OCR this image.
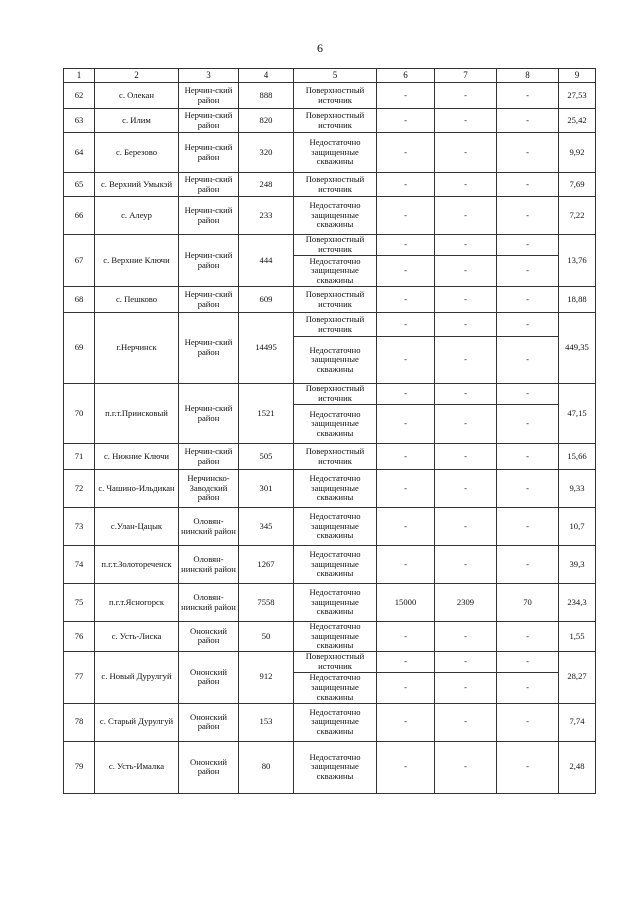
6
1	2	3	4	5	6	7	8	9
62	с. Олекан	Нерчин-ский район	888	Поверхностный источник	-	-	-	27,53
63	с. Илим	Нерчин-ский район	820	Поверхностный источник	-	-	-	25,42
64	с. Березово	Нерчин-ский район	320	Недостаточно защищенные скважины	-	-	-	9,92
65	с. Верхний Умыкэй	Нерчин-ский район	248	Поверхностный источник	-	-	-	7,69
66	с. Алеур	Нерчин-ский район	233	Недостаточно защищенные скважины	-	-	-	7,22
67	с. Верхние Ключи	Нерчин-ский район	444	Поверхностный источник	-	-	-	13,76
				Недостаточно защищенные скважины	-	-	-	
68	с. Пешково	Нерчин-ский район	609	Поверхностный источник	-	-	-	18,88
69	г.Нерчинск	Нерчин-ский район	14495	Поверхностный источник	-	-	-	449,35
				Недостаточно защищенные скважины	-	-	-	
70	п.г.т.Приисковый	Нерчин-ский район	1521	Поверхностный источник	-	-	-	47,15
				Недостаточно защищенные скважины	-	-	-	
71	с. Нижние Ключи	Нерчин-ский район	505	Поверхностный источник	-	-	-	15,66
72	с. Чашино-Ильдикан	Нерчинско-Заводский район	301	Недостаточно защищенные скважины	-	-	-	9,33
73	с.Улан-Цацык	Оловян-нинский район	345	Недостаточно защищенные скважины	-	-	-	10,7
74	п.г.т.Золотореченск	Оловян-нинский район	1267	Недостаточно защищенные скважины	-	-	-	39,3
75	п.г.т.Ясногорск	Оловян-нинский район	7558	Недостаточно защищенные скважины	15000	2309	70	234,3
76	с. Усть-Лиска	Ононский район	50	Недостаточно защищенные скважины	-	-	-	1,55
77	с. Новый Дурулгуй	Ононский район	912	Поверхностный источник	-	-	-	28,27
				Недостаточно защищенные скважины	-	-	-	
78	с. Старый Дурулгуй	Ононский район	153	Недостаточно защищенные скважины	-	-	-	7,74
79	с. Усть-Ималка	Ононский район	80	Недостаточно защищенные скважины	-	-	-	2,48
